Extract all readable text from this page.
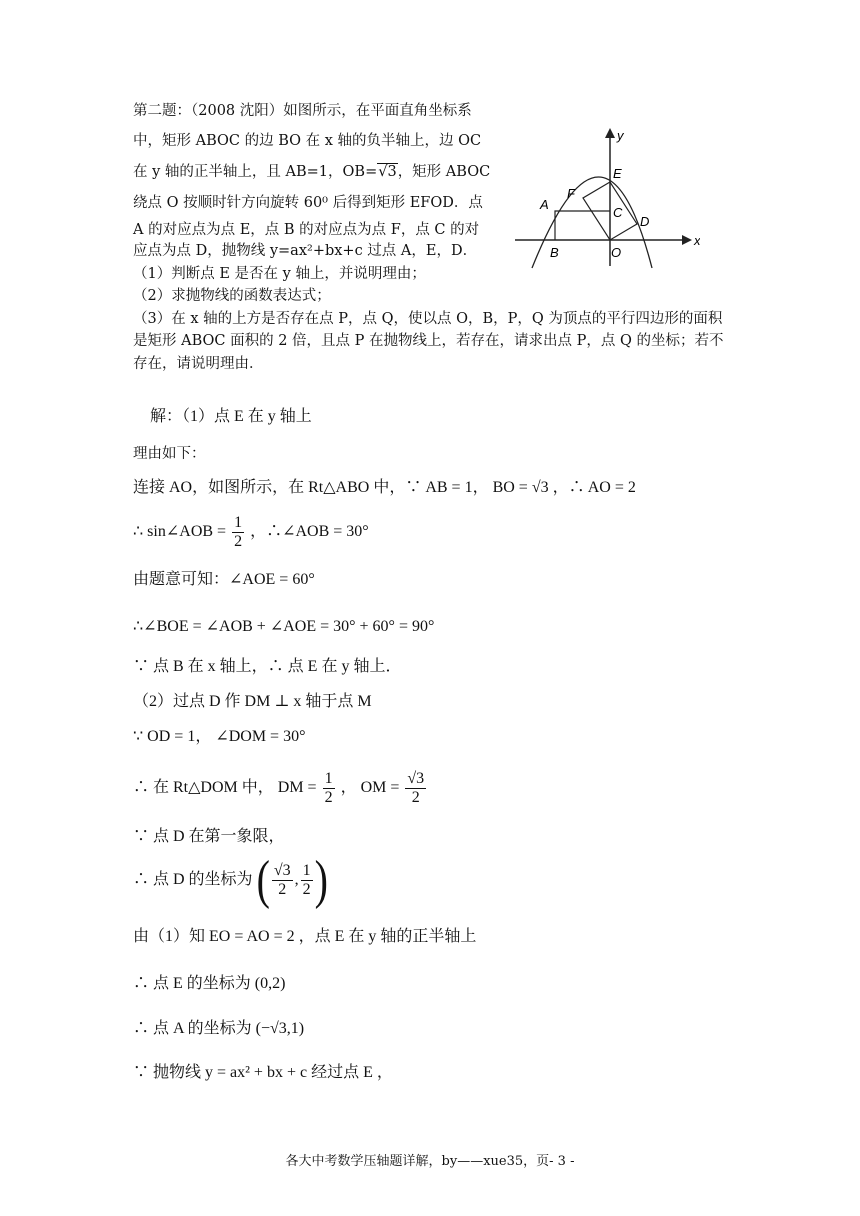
第二题：（2008 沈阳）如图所示，在平面直角坐标系
中，矩形 ABOC 的边 BO 在 x 轴的负半轴上，边 OC
在 y 轴的正半轴上，且 AB=1，OB=√3，矩形 ABOC
绕点 O 按顺时针方向旋转 60⁰ 后得到矩形 EFOD．点
A 的对应点为点 E，点 B 的对应点为点 F，点 C 的对
应点为点 D，抛物线 y=ax²+bx+c 过点 A，E，D．
（1）判断点 E 是否在 y 轴上，并说明理由；
（2）求抛物线的函数表达式；
（3）在 x 轴的上方是否存在点 P，点 Q，使以点 O，B，P，Q 为顶点的平行四边形的面积
是矩形 ABOC 面积的 2 倍，且点 P 在抛物线上，若存在，请求出点 P，点 Q 的坐标；若不
存在，请说明理由．
y
x
E
F
A
C
D
B	O
解：（1）点 E 在 y 轴上
理由如下：
连接 AO，如图所示，在 Rt△ABO 中，∵ AB = 1， BO = √3 ，∴ AO = 2
∴ sin∠AOB = $\frac{1}{2}$ ，∴∠AOB = 30°
由题意可知：∠AOE = 60°
∴∠BOE = ∠AOB + ∠AOE = 30° + 60° = 90°
∵ 点 B 在 x 轴上，∴ 点 E 在 y 轴上．
（2）过点 D 作 DM ⊥ x 轴于点 M
∵ OD = 1， ∠DOM = 30°
∴ 在 Rt△DOM 中， DM = $\frac{1}{2}$ ， OM = $\frac{√3}{2}$
∵ 点 D 在第一象限，
∴ 点 D 的坐标为 ( $\frac{√3}{2}$ , $\frac{1}{2}$ )
由（1）知 EO = AO = 2 ，点 E 在 y 轴的正半轴上
∴ 点 E 的坐标为 (0,2)
∴ 点 A 的坐标为 (−√3,1)
∵ 抛物线 y = ax² + bx + c 经过点 E ，
各大中考数学压轴题详解，by——xue35，页- 3 -
